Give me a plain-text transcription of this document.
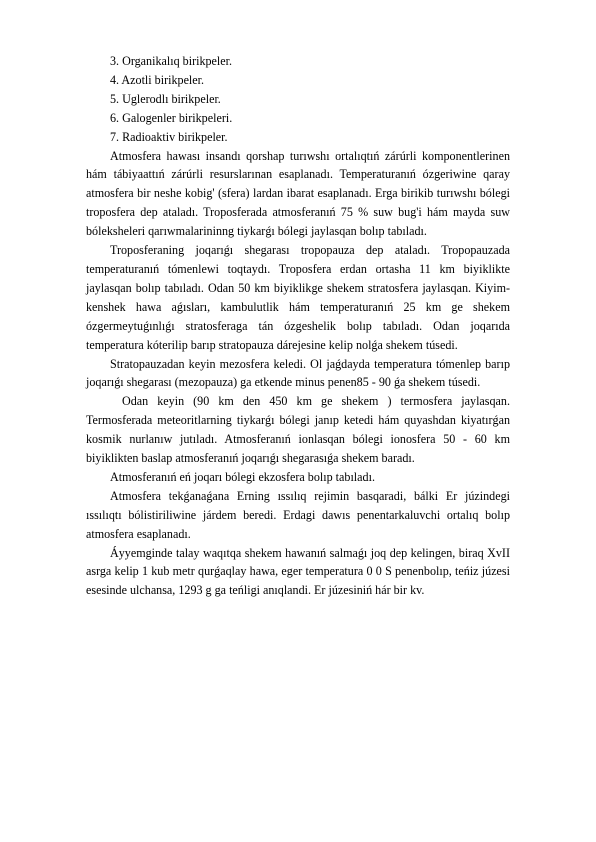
3. Organikalıq birikpeler.

4. Azotli birikpeler.

5. Uglerodlı birikpeler.

6. Galogenler birikpeleri.

7. Radioaktiv birikpeler.

Atmosfera hawası insandı qorshap turıwshı ortalıqtıń zárúrli komponentlerinen hám tábiyaattıń zárúrli resurslarınan esaplanadı. Temperaturanıń ózgeriwine qaray atmosfera bir neshe kobig' (sfera) lardan ibarat esaplanadı. Erga birikib turıwshı bólegi troposfera dep ataladı. Troposferada atmosferanıń 75 % suw bug'i hám mayda suw bóleksheleri qarıwmalarininng tiykarǵı bólegi jaylasqan bolıp tabıladı.

Troposferaning joqarıǵı shegarası tropopauza dep ataladı. Tropopauzada temperaturanıń tómenlewi toqtaydı. Troposfera erdan ortasha 11 km biyiklikte jaylasqan bolıp tabıladı. Odan 50 km biyiklikge shekem stratosfera jaylasqan. Kiyim-kenshek hawa aǵısları, kambulutlik hám temperaturanıń 25 km ge shekem ózgermeytuǵınlıǵı stratosferaga tán ózgeshelik bolıp tabıladı. Odan joqarıda temperatura kóterilip barıp stratopauza dárejesine kelip nolǵa shekem túsedi.

Stratopauzadan keyin mezosfera keledi. Ol jaǵdayda temperatura tómenlep barıp joqarıǵı shegarası (mezopauza) ga etkende minus penen85 - 90 ǵa shekem túsedi.

Odan keyin (90 km den 450 km ge shekem ) termosfera jaylasqan. Termosferada meteoritlarning tiykarǵı bólegi janıp ketedi hám quyashdan kiyatırǵan kosmik nurlanıw jutıladı. Atmosferanıń ionlasqan bólegi ionosfera 50 - 60 km biyiklikten baslap atmosferanıń joqarıǵı shegarasıǵa shekem baradı.

Atmosferanıń eń joqarı bólegi ekzosfera bolıp tabıladı.

Atmosfera tekǵanaǵana Erning ıssılıq rejimin basqaradi, bálki Er júzindegi ıssılıqtı bólistiriliwine járdem beredi. Erdagi dawıs penentarkaluvchi ortalıq bolıp atmosfera esaplanadı.

Áyyemginde talay waqıtqa shekem hawanıń salmaǵı joq dep kelingen, biraq XvII asrga kelip 1 kub metr qurǵaqlay hawa, eger temperatura 0 0 S penenbolıp, teńiz júzesi esesinde ulchansa, 1293 g ga teńligi anıqlandi. Er júzesiniń hár bir kv.
